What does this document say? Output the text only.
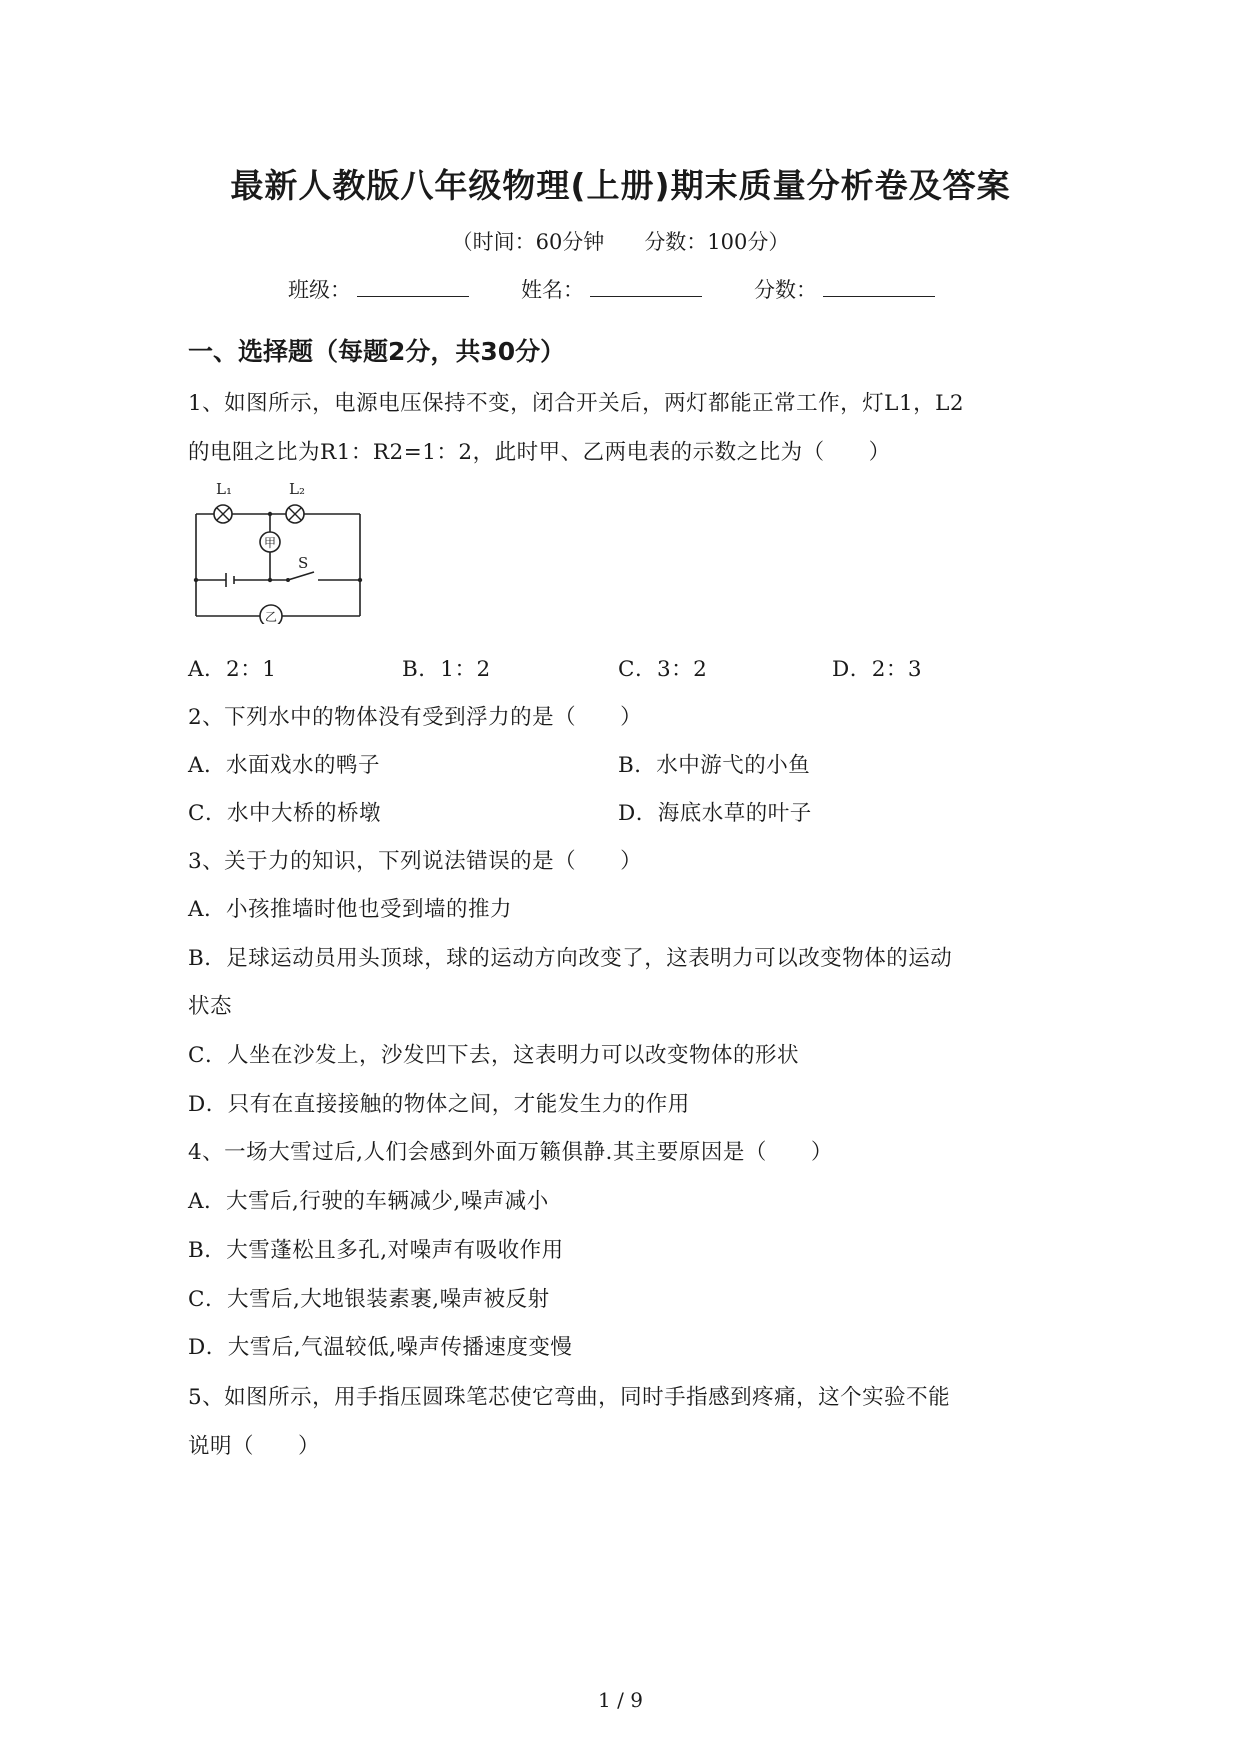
最新人教版八年级物理(上册)期末质量分析卷及答案
（时间：60分钟 分数：100分）
班级：	姓名：	分数：
一、选择题（每题2分，共30分）
1、如图所示，电源电压保持不变，闭合开关后，两灯都能正常工作，灯L1，L2
的电阻之比为R1：R2=1：2，此时甲、乙两电表的示数之比为（　　）
甲
乙
L₁	L₂
S
A．2：1	B．1：2	C．3：2	D．2：3
2、下列水中的物体没有受到浮力的是（　　）
A．水面戏水的鸭子	B．水中游弋的小鱼
C．水中大桥的桥墩	D．海底水草的叶子
3、关于力的知识，下列说法错误的是（　　）
A．小孩推墙时他也受到墙的推力
B．足球运动员用头顶球，球的运动方向改变了，这表明力可以改变物体的运动
状态
C．人坐在沙发上，沙发凹下去，这表明力可以改变物体的形状
D．只有在直接接触的物体之间，才能发生力的作用
4、一场大雪过后,人们会感到外面万籁俱静.其主要原因是（　　）
A．大雪后,行驶的车辆减少,噪声减小
B．大雪蓬松且多孔,对噪声有吸收作用
C．大雪后,大地银装素裹,噪声被反射
D．大雪后,气温较低,噪声传播速度变慢
5、如图所示，用手指压圆珠笔芯使它弯曲，同时手指感到疼痛，这个实验不能
说明（　　）
1 / 9
